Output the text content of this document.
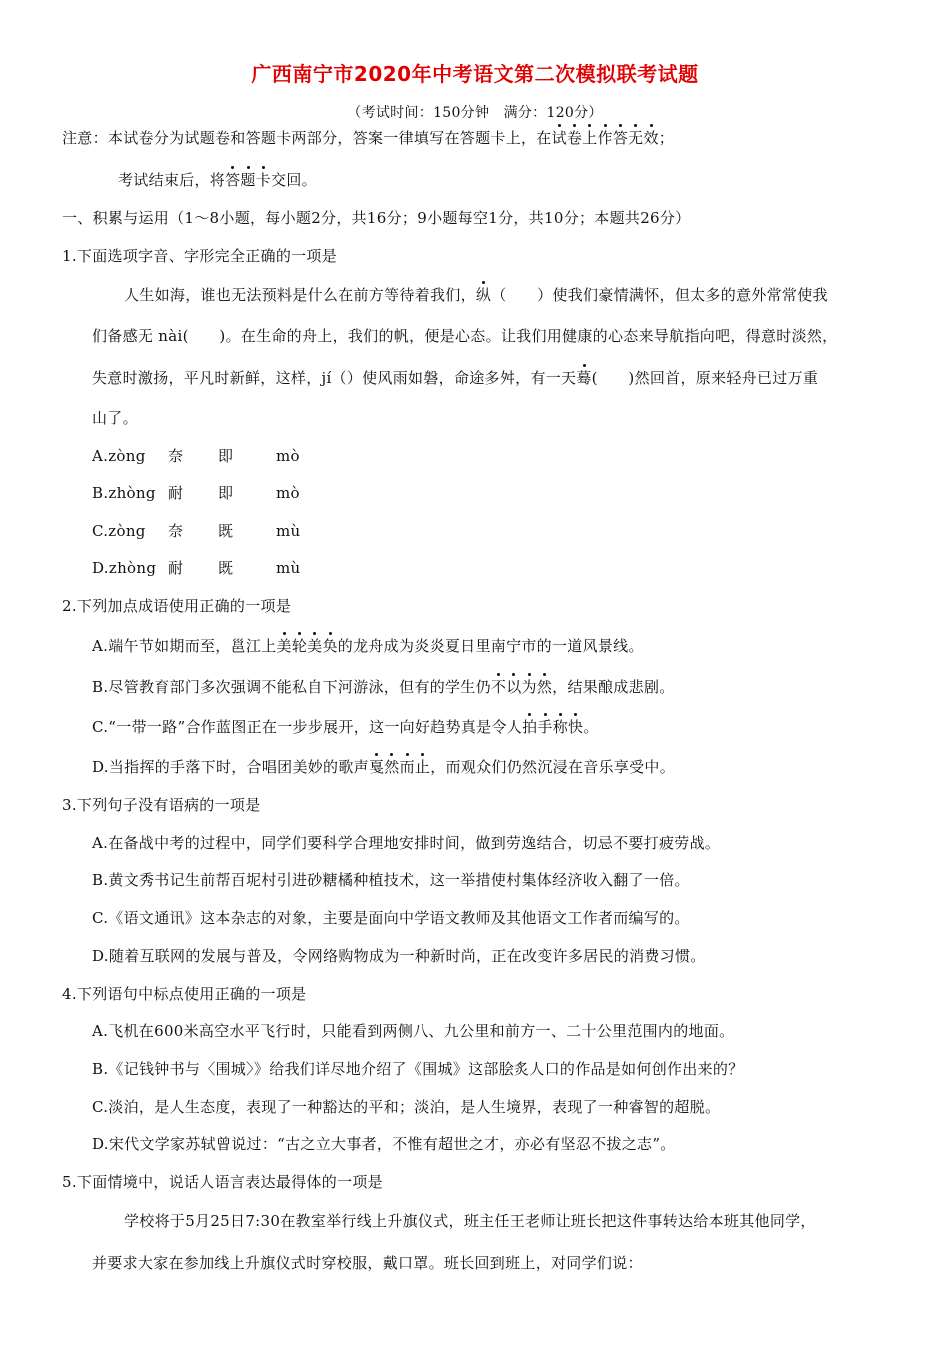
广西南宁市2020年中考语文第二次模拟联考试题
（考试时间：150分钟　满分：120分）
注意：本试卷分为试题卷和答题卡两部分，答案一律填写在答题卡上，在试卷上作答无效；
考试结束后，将答题卡交回。
一、积累与运用（1～8小题，每小题2分，共16分；9小题每空1分，共10分；本题共26分）
1.下面选项字音、字形完全正确的一项是
人生如海，谁也无法预料是什么在前方等待着我们，纵（　　）使我们豪情满怀，但太多的意外常常使我
们备感无 nài(　　)。在生命的舟上，我们的帆，便是心态。让我们用健康的心态来导航指向吧，得意时淡然，
失意时激扬，平凡时新鲜，这样，jí（）使风雨如磐，命途多舛，有一天蓦(　　)然回首，原来轻舟已过万重
山了。
A.zòng 奈 即	mò
B.zhòng 耐 即	mò
C.zòng 奈 既	mù
D.zhòng 耐 既	mù
2.下列加点成语使用正确的一项是
A.端午节如期而至，邕江上美轮美奂的龙舟成为炎炎夏日里南宁市的一道风景线。
B.尽管教育部门多次强调不能私自下河游泳，但有的学生仍不以为然，结果酿成悲剧。
C.“一带一路”合作蓝图正在一步步展开，这一向好趋势真是令人拍手称快。
D.当指挥的手落下时，合唱团美妙的歌声戛然而止，而观众们仍然沉浸在音乐享受中。
3.下列句子没有语病的一项是
A.在备战中考的过程中，同学们要科学合理地安排时间，做到劳逸结合，切忌不要打疲劳战。
B.黄文秀书记生前帮百坭村引进砂糖橘种植技术，这一举措使村集体经济收入翻了一倍。
C.《语文通讯》这本杂志的对象，主要是面向中学语文教师及其他语文工作者而编写的。
D.随着互联网的发展与普及，令网络购物成为一种新时尚，正在改变许多居民的消费习惯。
4.下列语句中标点使用正确的一项是
A.飞机在600米高空水平飞行时，只能看到两侧八、九公里和前方一、二十公里范围内的地面。
B.《记钱钟书与〈围城〉》给我们详尽地介绍了《围城》这部脍炙人口的作品是如何创作出来的？
C.淡泊，是人生态度，表现了一种豁达的平和；淡泊，是人生境界，表现了一种睿智的超脱。
D.宋代文学家苏轼曾说过：“古之立大事者，不惟有超世之才，亦必有坚忍不拔之志”。
5.下面情境中，说话人语言表达最得体的一项是
学校将于5月25日7:30在教室举行线上升旗仪式，班主任王老师让班长把这件事转达给本班其他同学，
并要求大家在参加线上升旗仪式时穿校服，戴口罩。班长回到班上，对同学们说：
